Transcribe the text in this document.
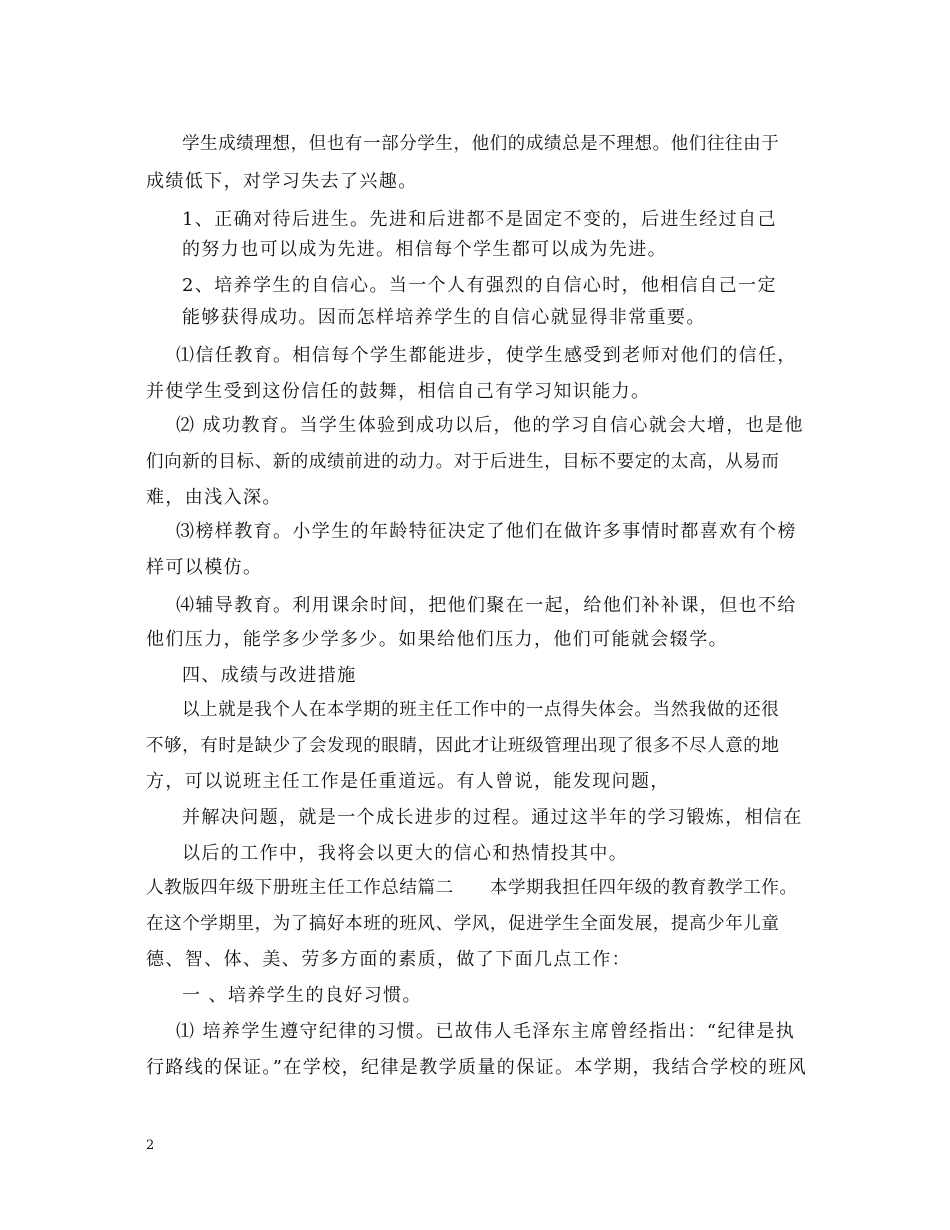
学生成绩理想，但也有一部分学生，他们的成绩总是不理想。他们往往由于
成绩低下，对学习失去了兴趣。
1、正确对待后进生。先进和后进都不是固定不变的，后进生经过自己
的努力也可以成为先进。相信每个学生都可以成为先进。
2、培养学生的自信心。当一个人有强烈的自信心时，他相信自己一定
能够获得成功。因而怎样培养学生的自信心就显得非常重要。
⑴信任教育。相信每个学生都能进步，使学生感受到老师对他们的信任，
并使学生受到这份信任的鼓舞，相信自己有学习知识能力。
⑵ 成功教育。当学生体验到成功以后，他的学习自信心就会大增，也是他
们向新的目标、新的成绩前进的动力。对于后进生，目标不要定的太高，从易而
难，由浅入深。
⑶榜样教育。小学生的年龄特征决定了他们在做许多事情时都喜欢有个榜
样可以模仿。
⑷辅导教育。利用课余时间，把他们聚在一起，给他们补补课，但也不给
他们压力，能学多少学多少。如果给他们压力，他们可能就会辍学。
四、成绩与改进措施
以上就是我个人在本学期的班主任工作中的一点得失体会。当然我做的还很
不够，有时是缺少了会发现的眼睛，因此才让班级管理出现了很多不尽人意的地
方，可以说班主任工作是任重道远。有人曾说，能发现问题，
并解决问题，就是一个成长进步的过程。通过这半年的学习锻炼，相信在
以后的工作中，我将会以更大的信心和热情投其中。
人教版四年级下册班主任工作总结篇二　　本学期我担任四年级的教育教学工作。
在这个学期里，为了搞好本班的班风、学风，促进学生全面发展，提高少年儿童
德、智、体、美、劳多方面的素质，做了下面几点工作：
一 、培养学生的良好习惯。
⑴ 培养学生遵守纪律的习惯。已故伟人毛泽东主席曾经指出：“纪律是执
行路线的保证。”在学校，纪律是教学质量的保证。本学期，我结合学校的班风
2
